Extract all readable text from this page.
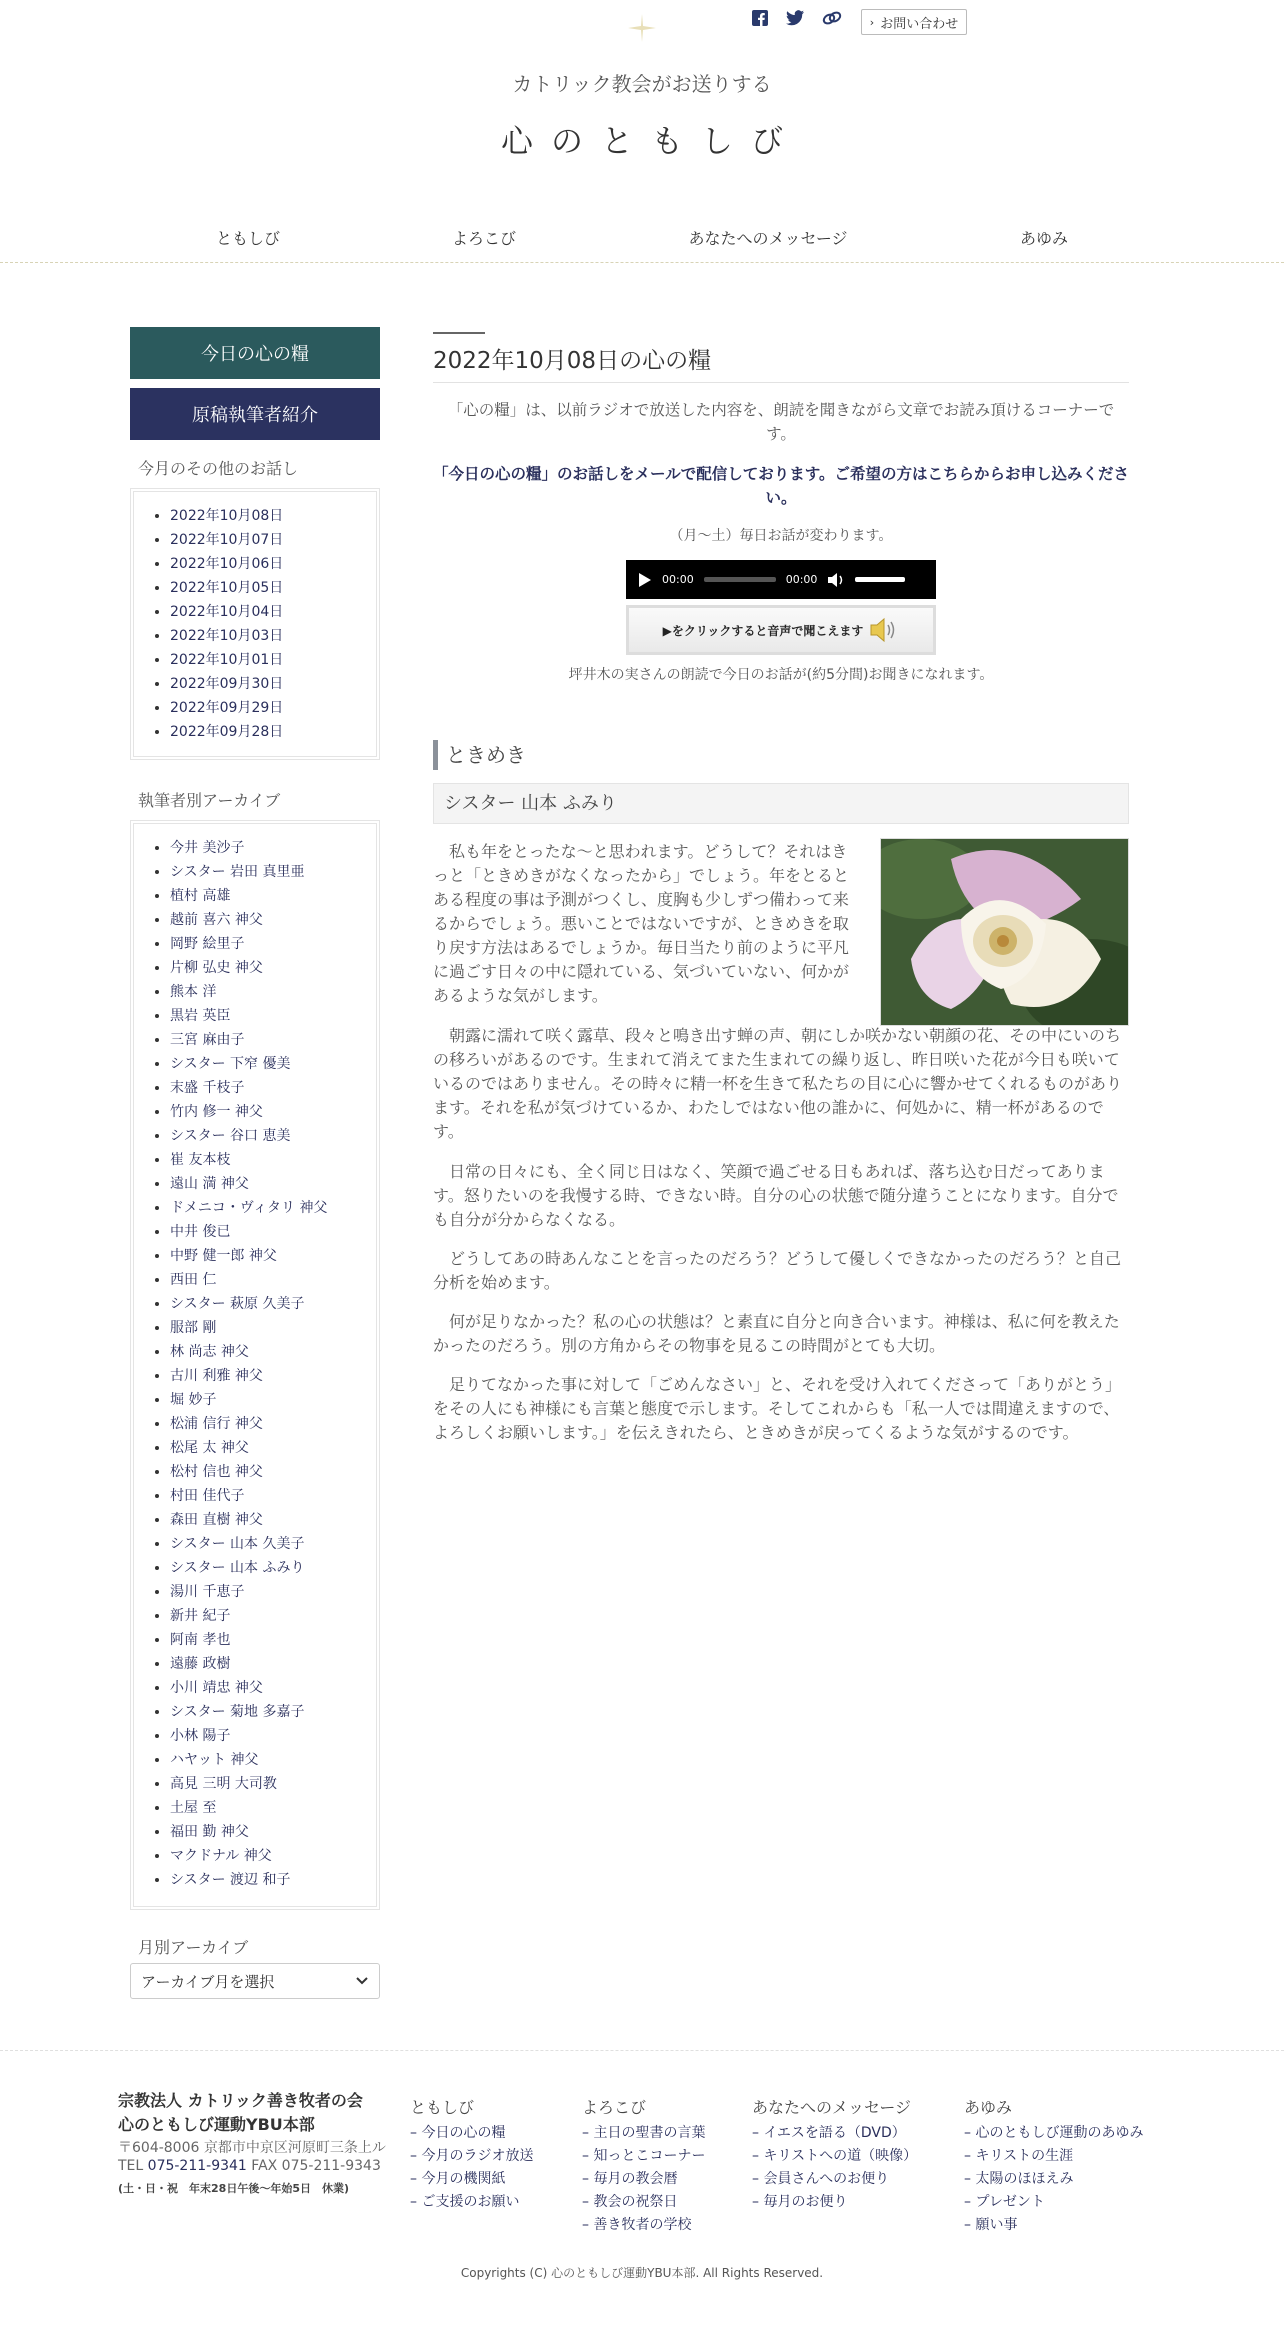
› お問い合わせ
カトリック教会がお送りする
心のともしび
ともしび	よろこび	あなたへのメッセージ	あゆみ
今日の心の糧
原稿執筆者紹介
今月のその他のお話し
• 2022年10月08日
• 2022年10月07日
• 2022年10月06日
• 2022年10月05日
• 2022年10月04日
• 2022年10月03日
• 2022年10月01日
• 2022年09月30日
• 2022年09月29日
• 2022年09月28日
執筆者別アーカイブ
• 今井 美沙子
• シスター 岩田 真里亜
• 植村 高雄
• 越前 喜六 神父
• 岡野 絵里子
• 片柳 弘史 神父
• 熊本 洋
• 黒岩 英臣
• 三宮 麻由子
• シスター 下窄 優美
• 末盛 千枝子
• 竹内 修一 神父
• シスター 谷口 恵美
• 崔 友本枝
• 遠山 満 神父
• ドメニコ・ヴィタリ 神父
• 中井 俊已
• 中野 健一郎 神父
• 西田 仁
• シスター 萩原 久美子
• 服部 剛
• 林 尚志 神父
• 古川 利雅 神父
• 堀 妙子
• 松浦 信行 神父
• 松尾 太 神父
• 松村 信也 神父
• 村田 佳代子
• 森田 直樹 神父
• シスター 山本 久美子
• シスター 山本 ふみり
• 湯川 千恵子
• 新井 紀子
• 阿南 孝也
• 遠藤 政樹
• 小川 靖忠 神父
• シスター 菊地 多嘉子
• 小林 陽子
• ハヤット 神父
• 高見 三明 大司教
• 土屋 至
• 福田 勤 神父
• マクドナル 神父
• シスター 渡辺 和子
月別アーカイブ
アーカイブ月を選択
2022年10月08日の心の糧
「心の糧」は、以前ラジオで放送した内容を、朗読を聞きながら文章でお読み頂けるコーナーです。
「今日の心の糧」のお話しをメールで配信しております。ご希望の方はこちらからお申し込みください。
（月～土）毎日お話が変わります。
00:00	00:00
▶をクリックすると音声で聞こえます
坪井木の実さんの朗読で今日のお話が(約5分間)お聞きになれます。
ときめき
シスター 山本 ふみり
私も年をとったな～と思われます。どうして？それはきっと「ときめきがなくなったから」でしょう。年をとるとある程度の事は予測がつくし、度胸も少しずつ備わって来るからでしょう。悪いことではないですが、ときめきを取り戻す方法はあるでしょうか。毎日当たり前のように平凡に過ごす日々の中に隠れている、気づいていない、何かがあるような気がします。
朝露に濡れて咲く露草、段々と鳴き出す蝉の声、朝にしか咲かない朝顔の花、その中にいのちの移ろいがあるのです。生まれて消えてまた生まれての繰り返し、昨日咲いた花が今日も咲いているのではありません。その時々に精一杯を生きて私たちの目に心に響かせてくれるものがあります。それを私が気づけているか、わたしではない他の誰かに、何処かに、精一杯があるのです。
日常の日々にも、全く同じ日はなく、笑顔で過ごせる日もあれば、落ち込む日だってあります。怒りたいのを我慢する時、できない時。自分の心の状態で随分違うことになります。自分でも自分が分からなくなる。
どうしてあの時あんなことを言ったのだろう？どうして優しくできなかったのだろう？と自己分析を始めます。
何が足りなかった？私の心の状態は？と素直に自分と向き合います。神様は、私に何を教えたかったのだろう。別の方角からその物事を見るこの時間がとても大切。
足りてなかった事に対して「ごめんなさい」と、それを受け入れてくださって「ありがとう」をその人にも神様にも言葉と態度で示します。そしてこれからも「私一人では間違えますので、よろしくお願いします。」を伝えきれたら、ときめきが戻ってくるような気がするのです。
宗教法人 カトリック善き牧者の会
心のともしび運動YBU本部
〒604-8006 京都市中京区河原町三条上ル
TEL 075-211-9341 FAX 075-211-9343
(土・日・祝　年末28日午後〜年始5日　休業)
ともしび
– 今日の心の糧
– 今月のラジオ放送
– 今月の機関紙
– ご支援のお願い
よろこび
– 主日の聖書の言葉
– 知っとこコーナー
– 毎月の教会暦
– 教会の祝祭日
– 善き牧者の学校
あなたへのメッセージ
– イエスを語る（DVD）
– キリストへの道（映像）
– 会員さんへのお便り
– 毎月のお便り
あゆみ
– 心のともしび運動のあゆみ
– キリストの生涯
– 太陽のほほえみ
– プレゼント
– 願い事
Copyrights (C) 心のともしび運動YBU本部. All Rights Reserved.
